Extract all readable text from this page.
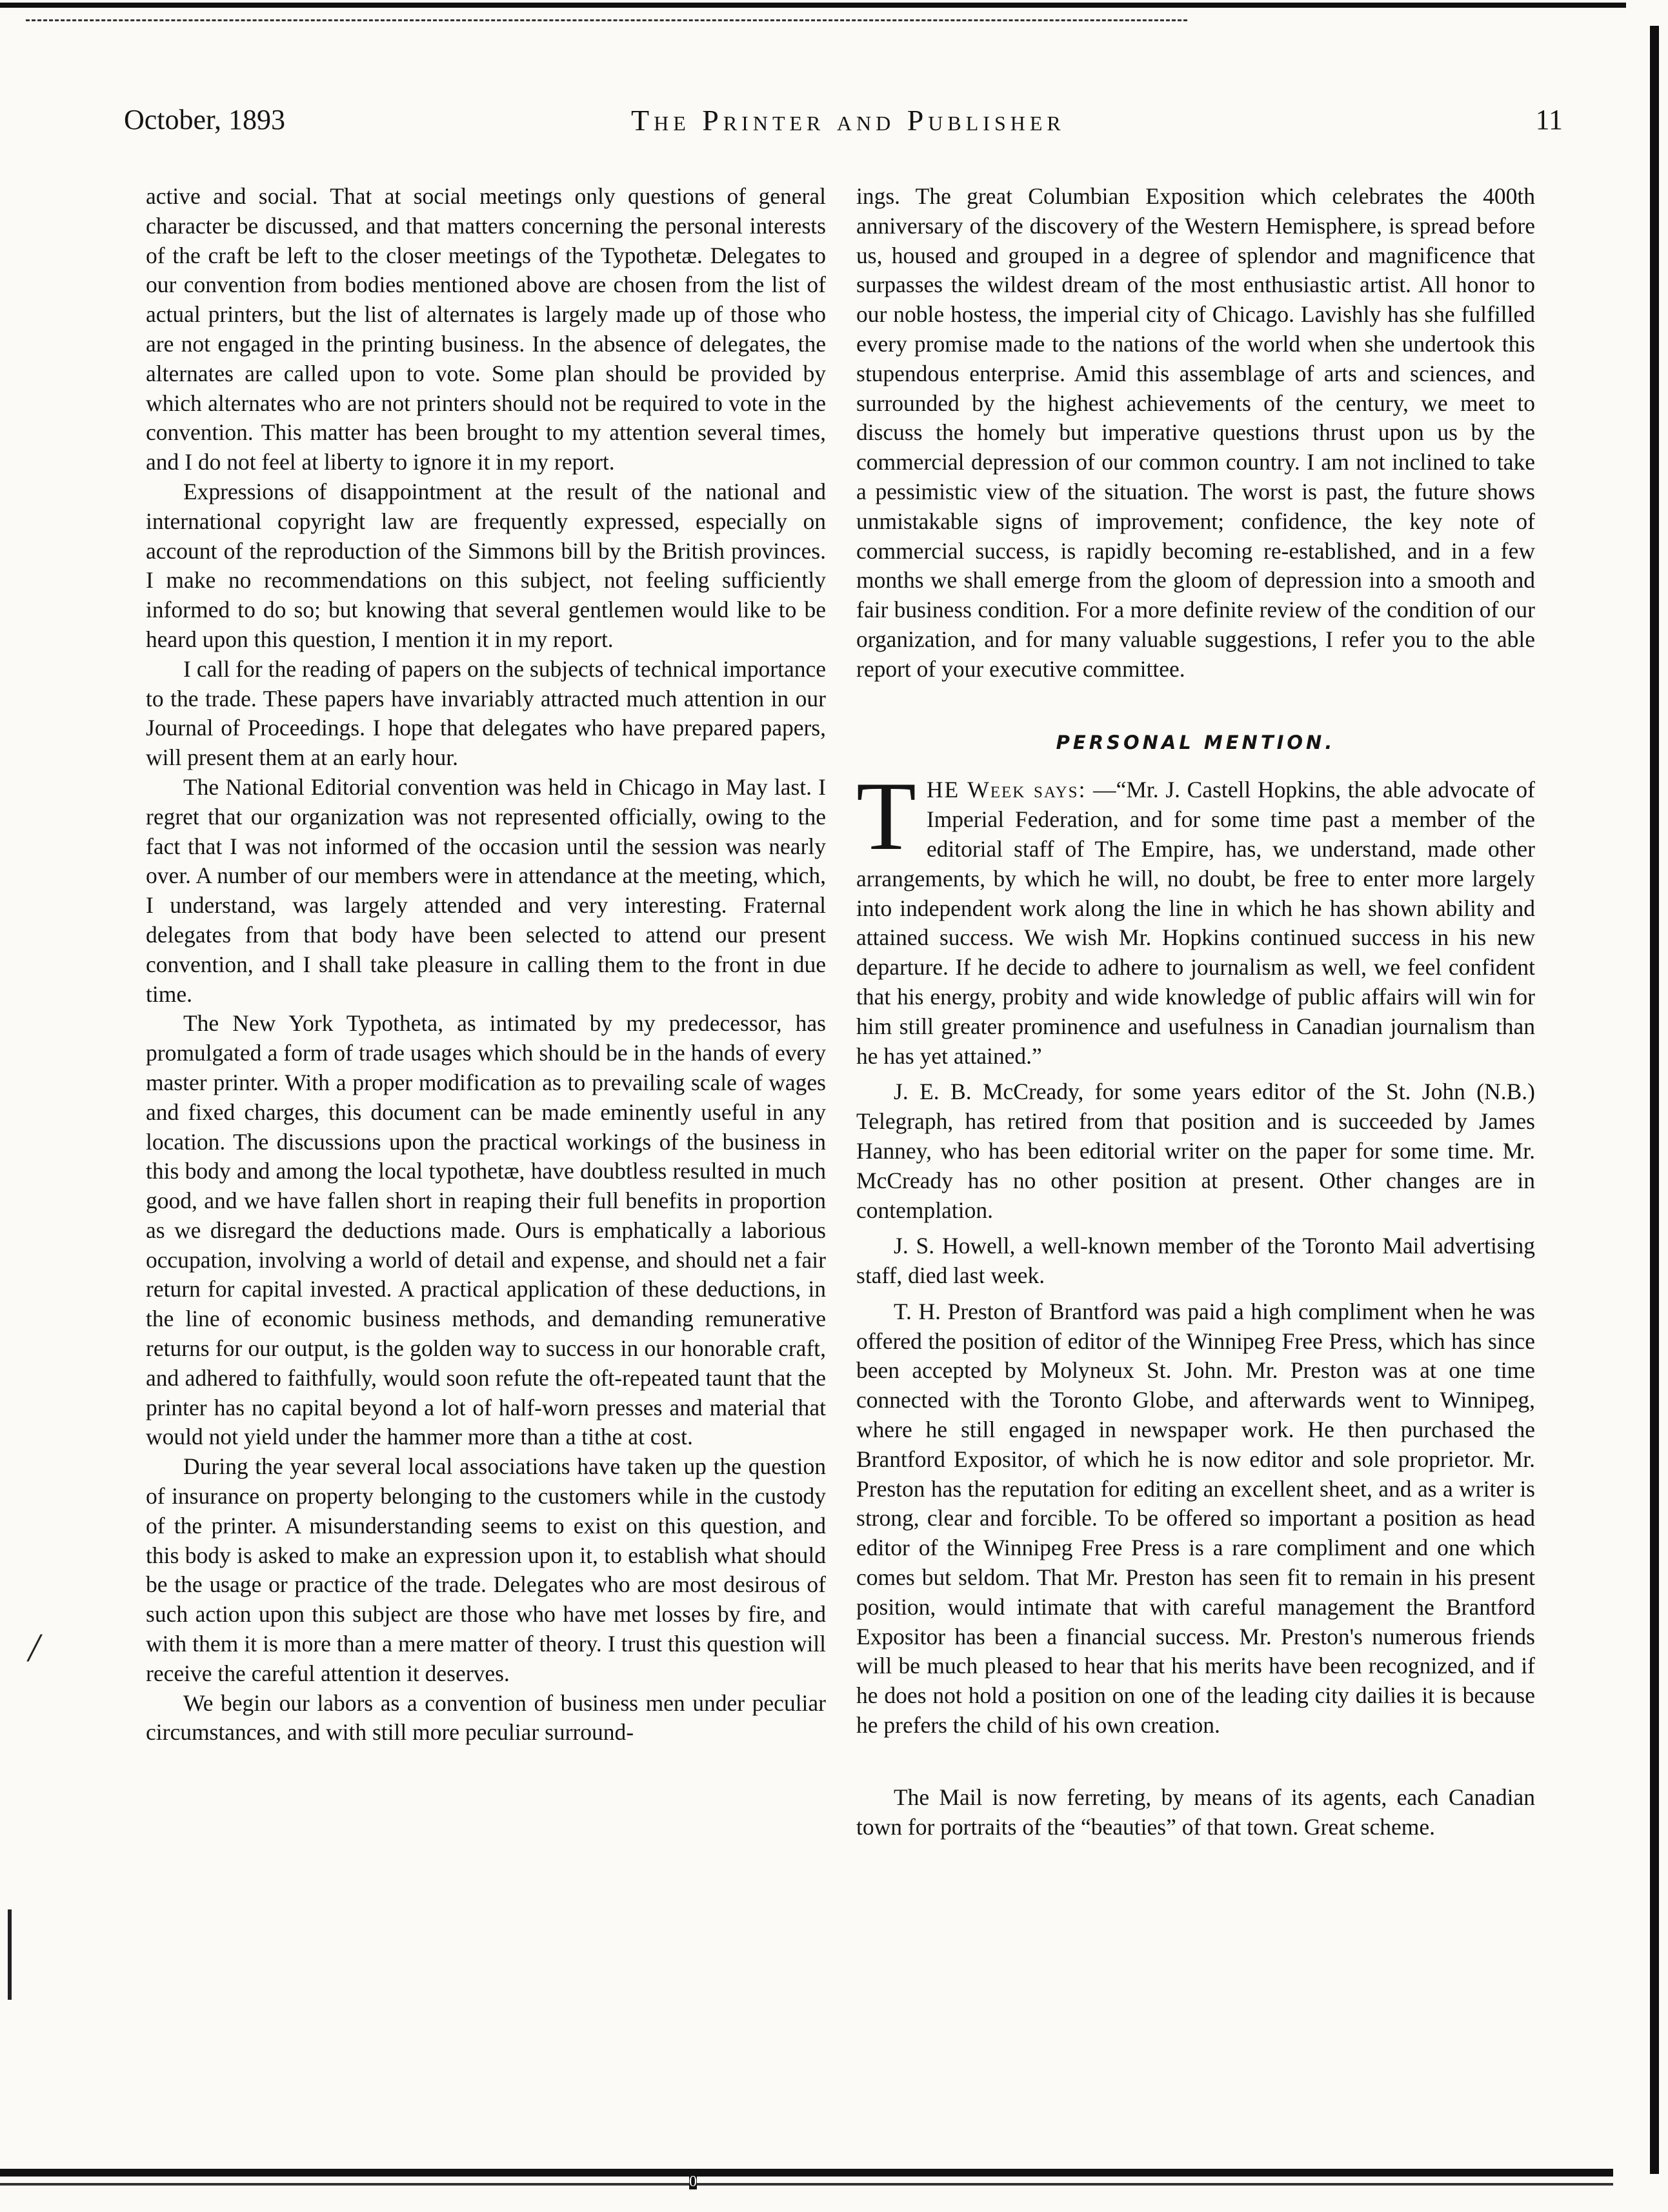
October, 1893	The Printer and Publisher	11

active and social. That at social meetings only questions of general character be discussed, and that matters concerning the personal interests of the craft be left to the closer meetings of the Typothetæ. Delegates to our convention from bodies mentioned above are chosen from the list of actual printers, but the list of alternates is largely made up of those who are not engaged in the printing business. In the absence of delegates, the alternates are called upon to vote. Some plan should be provided by which alternates who are not printers should not be required to vote in the convention. This matter has been brought to my attention several times, and I do not feel at liberty to ignore it in my report.

Expressions of disappointment at the result of the national and international copyright law are frequently expressed, especially on account of the reproduction of the Simmons bill by the British provinces. I make no recommendations on this subject, not feeling sufficiently informed to do so; but knowing that several gentlemen would like to be heard upon this question, I mention it in my report.

I call for the reading of papers on the subjects of technical importance to the trade. These papers have invariably attracted much attention in our Journal of Proceedings. I hope that delegates who have prepared papers, will present them at an early hour.

The National Editorial convention was held in Chicago in May last. I regret that our organization was not represented officially, owing to the fact that I was not informed of the occasion until the session was nearly over. A number of our members were in attendance at the meeting, which, I understand, was largely attended and very interesting. Fraternal delegates from that body have been selected to attend our present convention, and I shall take pleasure in calling them to the front in due time.

The New York Typotheta, as intimated by my predecessor, has promulgated a form of trade usages which should be in the hands of every master printer. With a proper modification as to prevailing scale of wages and fixed charges, this document can be made eminently useful in any location. The discussions upon the practical workings of the business in this body and among the local typothetæ, have doubtless resulted in much good, and we have fallen short in reaping their full benefits in proportion as we disregard the deductions made. Ours is emphatically a laborious occupation, involving a world of detail and expense, and should net a fair return for capital invested. A practical application of these deductions, in the line of economic business methods, and demanding remunerative returns for our output, is the golden way to success in our honorable craft, and adhered to faithfully, would soon refute the oft-repeated taunt that the printer has no capital beyond a lot of half-worn presses and material that would not yield under the hammer more than a tithe at cost.

During the year several local associations have taken up the question of insurance on property belonging to the customers while in the custody of the printer. A misunderstanding seems to exist on this question, and this body is asked to make an expression upon it, to establish what should be the usage or practice of the trade. Delegates who are most desirous of such action upon this subject are those who have met losses by fire, and with them it is more than a mere matter of theory. I trust this question will receive the careful attention it deserves.

We begin our labors as a convention of business men under peculiar circumstances, and with still more peculiar surround-

ings. The great Columbian Exposition which celebrates the 400th anniversary of the discovery of the Western Hemisphere, is spread before us, housed and grouped in a degree of splendor and magnificence that surpasses the wildest dream of the most enthusiastic artist. All honor to our noble hostess, the imperial city of Chicago. Lavishly has she fulfilled every promise made to the nations of the world when she undertook this stupendous enterprise. Amid this assemblage of arts and sciences, and surrounded by the highest achievements of the century, we meet to discuss the homely but imperative questions thrust upon us by the commercial depression of our common country. I am not inclined to take a pessimistic view of the situation. The worst is past, the future shows unmistakable signs of improvement; confidence, the key note of commercial success, is rapidly becoming re-established, and in a few months we shall emerge from the gloom of depression into a smooth and fair business condition. For a more definite review of the condition of our organization, and for many valuable suggestions, I refer you to the able report of your executive committee.

PERSONAL MENTION.

THE Week says: —“Mr. J. Castell Hopkins, the able advocate of Imperial Federation, and for some time past a member of the editorial staff of The Empire, has, we understand, made other arrangements, by which he will, no doubt, be free to enter more largely into independent work along the line in which he has shown ability and attained success. We wish Mr. Hopkins continued success in his new departure. If he decide to adhere to journalism as well, we feel confident that his energy, probity and wide knowledge of public affairs will win for him still greater prominence and usefulness in Canadian journalism than he has yet attained.”

J. E. B. McCready, for some years editor of the St. John (N.B.) Telegraph, has retired from that position and is succeeded by James Hanney, who has been editorial writer on the paper for some time. Mr. McCready has no other position at present. Other changes are in contemplation.

J. S. Howell, a well-known member of the Toronto Mail advertising staff, died last week.

T. H. Preston of Brantford was paid a high compliment when he was offered the position of editor of the Winnipeg Free Press, which has since been accepted by Molyneux St. John. Mr. Preston was at one time connected with the Toronto Globe, and afterwards went to Winnipeg, where he still engaged in newspaper work. He then purchased the Brantford Expositor, of which he is now editor and sole proprietor. Mr. Preston has the reputation for editing an excellent sheet, and as a writer is strong, clear and forcible. To be offered so important a position as head editor of the Winnipeg Free Press is a rare compliment and one which comes but seldom. That Mr. Preston has seen fit to remain in his present position, would intimate that with careful management the Brantford Expositor has been a financial success. Mr. Preston's numerous friends will be much pleased to hear that his merits have been recognized, and if he does not hold a position on one of the leading city dailies it is because he prefers the child of his own creation.

The Mail is now ferreting, by means of its agents, each Canadian town for portraits of the “beauties” of that town. Great scheme.

/
0
